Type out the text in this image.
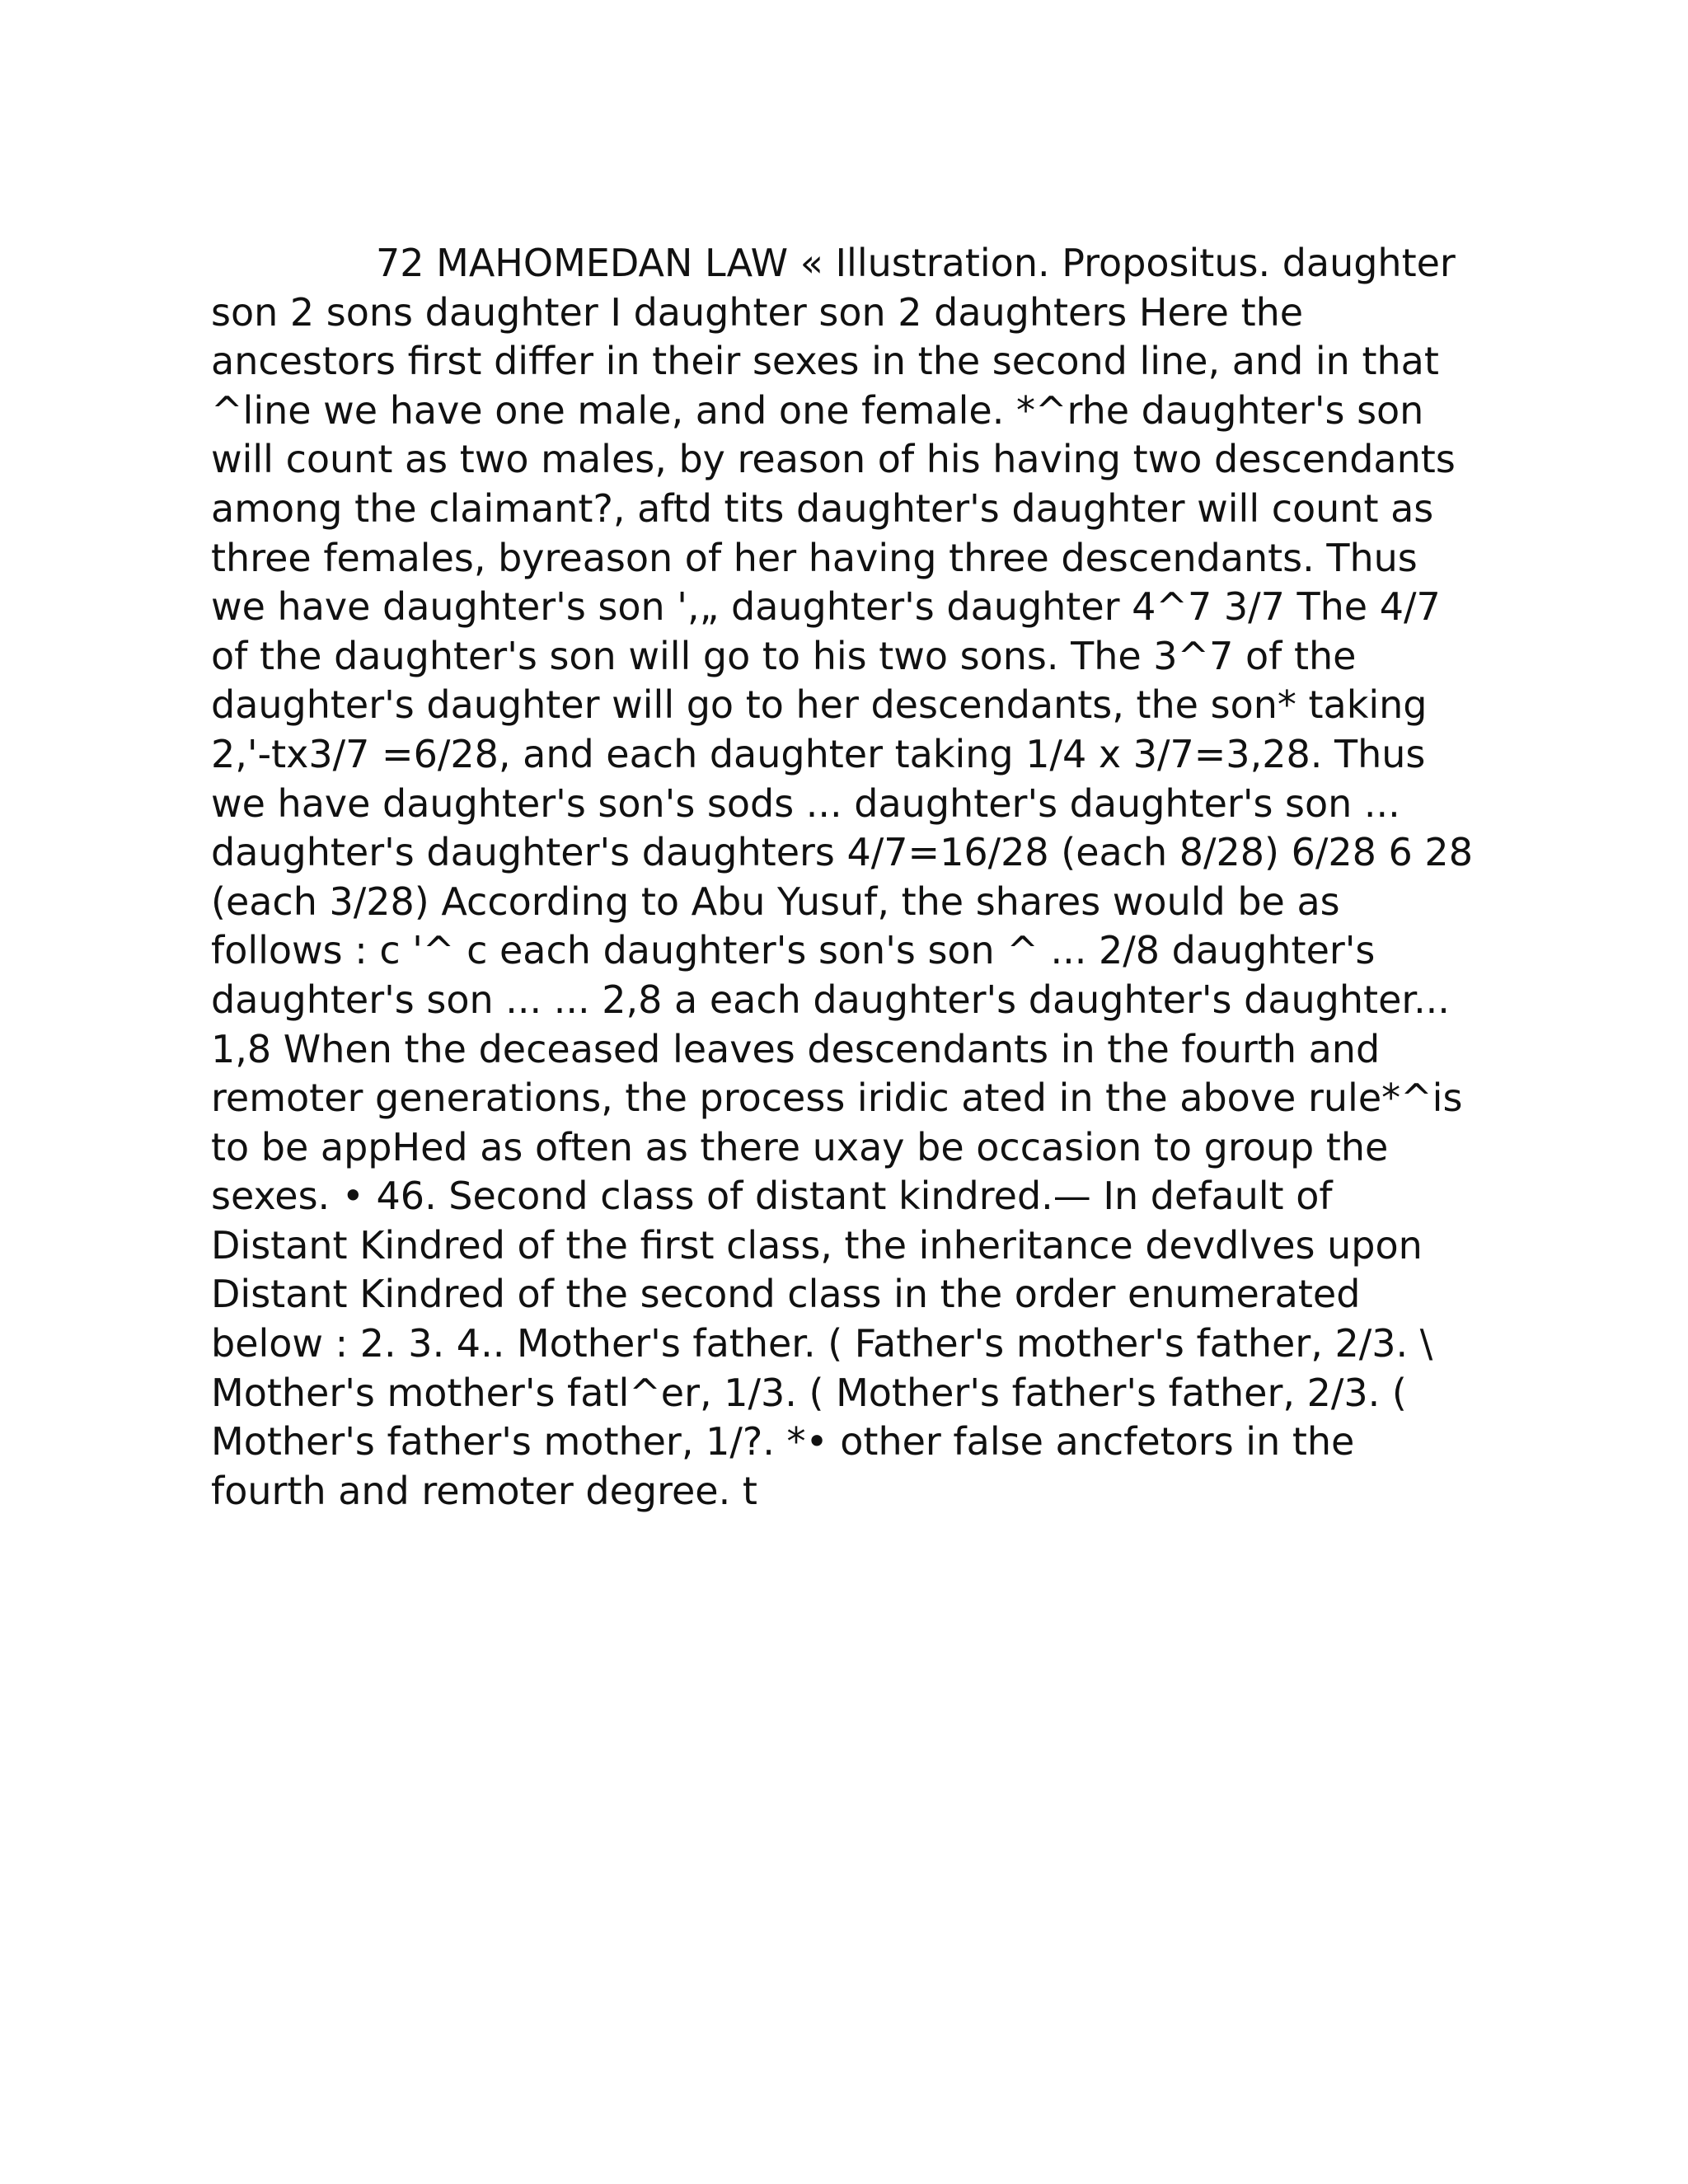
72 MAHOMEDAN LAW « Illustration. Propositus. daughter son 2 sons daughter I daughter son 2 daughters Here the ancestors first differ in their sexes in the second line, and in that ^line we have one male, and one female. *^rhe daughter's son will count as two males, by reason of his having two descendants among the claimant?, aftd tits daughter's daughter will count as three females, byreason of her having three descendants. Thus we have daughter's son ',„ daughter's daughter 4^7 3/7 The 4/7 of the daughter's son will go to his two sons. The 3^7 of the daughter's daughter will go to her descendants, the son* taking 2,'-tx3/7 =6/28, and each daughter taking 1/4 x 3/7=3,28. Thus we have daughter's son's sods ... daughter's daughter's son ... daughter's daughter's daughters 4/7=16/28 (each 8/28) 6/28 6 28 (each 3/28) According to Abu Yusuf, the shares would be as follows : c '^ c each daughter's son's son ^ ... 2/8 daughter's daughter's son ... ... 2,8 a each daughter's daughter's daughter... 1,8 When the deceased leaves descendants in the fourth and remoter generations, the process iridic ated in the above rule*^is to be appHed as often as there uxay be occasion to group the sexes. • 46. Second class of distant kindred.— In default of Distant Kindred of the first class, the inheritance devdlves upon Distant Kindred of the second class in the order enumerated below : 2. 3. 4.. Mother's father. ( Father's mother's father, 2/3. \ Mother's mother's fatl^er, 1/3. ( Mother's father's father, 2/3. ( Mother's father's mother, 1/?. *• other false ancfetors in the fourth and remoter degree. t
